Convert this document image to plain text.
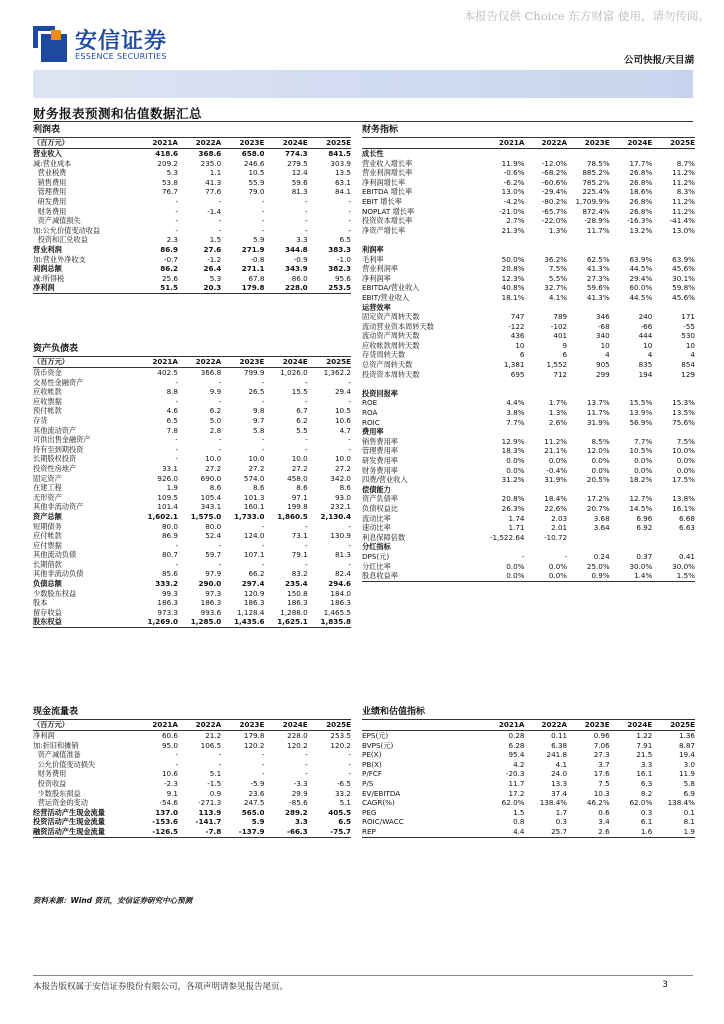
本报告仅供 Choice 东方财富 使用，请勿传阅。
安信证券
ESSENCE SECURITIES	公司快报/天目湖
财务报表预测和估值数据汇总
利润表
（百万元）	2021A	2022A	2023E	2024E	2025E
营业收入	418.6	368.6	658.0	774.3	841.5
减:营业成本	209.2	235.0	246.6	279.5	303.9
营业税费	5.3	1.1	10.5	12.4	13.5
销售费用	53.8	41.3	55.9	59.6	63.1
管理费用	76.7	77.6	79.0	81.3	84.1
研发费用	-	-	-	-	-
财务费用	-	-1.4	-	-	-
资产减值损失	-	-	-	-	-
加:公允价值变动收益	-	-	-	-	-
投资和汇兑收益	2.3	1.5	5.9	3.3	6.5
营业利润	86.9	27.6	271.9	344.8	383.3
加:营业外净收支	-0.7	-1.2	-0.8	-0.9	-1.0
利润总额	86.2	26.4	271.1	343.9	382.3
减:所得税	25.6	5.3	67.8	86.0	95.6
净利润	51.5	20.3	179.8	228.0	253.5
资产负债表
（百万元）	2021A	2022A	2023E	2024E	2025E
货币资金	402.5	366.8	799.9	1,026.0	1,362.2
交易性金融资产	-	-	-	-	-
应收帐款	8.8	9.9	26.5	15.5	29.4
应收票据	-	-	-	-	-
预付帐款	4.6	6.2	9.8	6.7	10.5
存货	6.5	5.0	9.7	6.2	10.6
其他流动资产	7.8	2.8	5.8	5.5	4.7
可供出售金融资产	-	-	-	-	-
持有至到期投资	-	-	-	-	-
长期股权投资	-	10.0	10.0	10.0	10.0
投资性房地产	33.1	27.2	27.2	27.2	27.2
固定资产	926.0	690.0	574.0	458.0	342.0
在建工程	1.9	8.6	8.6	8.6	8.6
无形资产	109.5	105.4	101.3	97.1	93.0
其他非流动资产	101.4	343.1	160.1	199.8	232.1
资产总额	1,602.1	1,575.0	1,733.0	1,860.5	2,130.4
短期债务	80.0	80.0	-	-	-
应付帐款	86.9	52.4	124.0	73.1	130.9
应付票据	-	-	-	-	-
其他流动负债	80.7	59.7	107.1	79.1	81.3
长期借款	-	-	-	-	-
其他非流动负债	85.6	97.9	66.2	83.2	82.4
负债总额	333.2	290.0	297.4	235.4	294.6
少数股东权益	99.3	97.3	120.9	150.8	184.0
股本	186.3	186.3	186.3	186.3	186.3
留存收益	973.3	993.6	1,128.4	1,288.0	1,465.5
股东权益	1,269.0	1,285.0	1,435.6	1,625.1	1,835.8
现金流量表
（百万元）	2021A	2022A	2023E	2024E	2025E
净利润	60.6	21.2	179.8	228.0	253.5
加:折旧和摊销	95.0	106.5	120.2	120.2	120.2
资产减值准备	-	-	-	-	-
公允价值变动损失	-	-	-	-	-
财务费用	10.6	5.1	-	-	-
投资收益	-2.3	-1.5	-5.9	-3.3	-6.5
少数股东损益	9.1	0.9	23.6	29.9	33.2
营运资金的变动	-54.6	-271.3	247.5	-85.6	5.1
经营活动产生现金流量	137.0	113.9	565.0	289.2	405.5
投资活动产生现金流量	-153.6	-141.7	5.9	3.3	6.5
融资活动产生现金流量	-126.5	-7.8	-137.9	-66.3	-75.7
财务指标
	2021A	2022A	2023E	2024E	2025E
成长性					
营业收入增长率	11.9%	-12.0%	78.5%	17.7%	8.7%
营业利润增长率	-0.6%	-68.2%	885.2%	26.8%	11.2%
净利润增长率	-6.2%	-60.6%	785.2%	26.8%	11.2%
EBITDA 增长率	13.0%	-29.4%	225.4%	18.6%	8.3%
EBIT 增长率	-4.2%	-80.2%	1,709.9%	26.8%	11.2%
NOPLAT 增长率	-21.0%	-65.7%	872.4%	26.8%	11.2%
投资资本增长率	2.7%	-22.0%	-28.9%	-16.3%	-41.4%
净资产增长率	21.3%	1.3%	11.7%	13.2%	13.0%

利润率					
毛利率	50.0%	36.2%	62.5%	63.9%	63.9%
营业利润率	20.8%	7.5%	41.3%	44.5%	45.6%
净利润率	12.3%	5.5%	27.3%	29.4%	30.1%
EBITDA/营业收入	40.8%	32.7%	59.6%	60.0%	59.8%
EBIT/营业收入	18.1%	4.1%	41.3%	44.5%	45.6%
运营效率					
固定资产周转天数	747	789	346	240	171
流动营业资本周转天数	-122	-102	-68	-66	-55
流动资产周转天数	436	401	340	444	530
应收帐款周转天数	10	9	10	10	10
存货周转天数	6	6	4	4	4
总资产周转天数	1,381	1,552	905	835	854
投资资本周转天数	695	712	299	194	129

投资回报率					
ROE	4.4%	1.7%	13.7%	15.5%	15.3%
ROA	3.8%	1.3%	11.7%	13.9%	13.5%
ROIC	7.7%	2.6%	31.9%	56.9%	75.6%
费用率					
销售费用率	12.9%	11.2%	8.5%	7.7%	7.5%
管理费用率	18.3%	21.1%	12.0%	10.5%	10.0%
研发费用率	0.0%	0.0%	0.0%	0.0%	0.0%
财务费用率	0.0%	-0.4%	0.0%	0.0%	0.0%
四费/营业收入	31.2%	31.9%	20.5%	18.2%	17.5%
偿债能力					
资产负债率	20.8%	18.4%	17.2%	12.7%	13.8%
负债权益比	26.3%	22.6%	20.7%	14.5%	16.1%
流动比率	1.74	2.03	3.68	6.96	6.68
速动比率	1.71	2.01	3.64	6.92	6.63
利息保障倍数	-1,522.64	-10.72			
分红指标					
DPS(元)	-	-	0.24	0.37	0.41
分红比率	0.0%	0.0%	25.0%	30.0%	30.0%
股息收益率	0.0%	0.0%	0.9%	1.4%	1.5%
业绩和估值指标
	2021A	2022A	2023E	2024E	2025E
EPS(元)	0.28	0.11	0.96	1.22	1.36
BVPS(元)	6.28	6.38	7.06	7.91	8.87
PE(X)	95.4	241.8	27.3	21.5	19.4
PB(X)	4.2	4.1	3.7	3.3	3.0
P/FCF	-20.3	24.0	17.6	16.1	11.9
P/S	11.7	13.3	7.5	6.3	5.8
EV/EBITDA	17.2	37.4	10.3	8.2	6.9
CAGR(%)	62.0%	138.4%	46.2%	62.0%	138.4%
PEG	1.5	1.7	0.6	0.3	0.1
ROIC/WACC	0.8	0.3	3.4	6.1	8.1
REP	4.4	25.7	2.6	1.6	1.9
资料来源：Wind 资讯，安信证券研究中心预测
本报告版权属于安信证券股份有限公司，各项声明请参见报告尾页。	3
